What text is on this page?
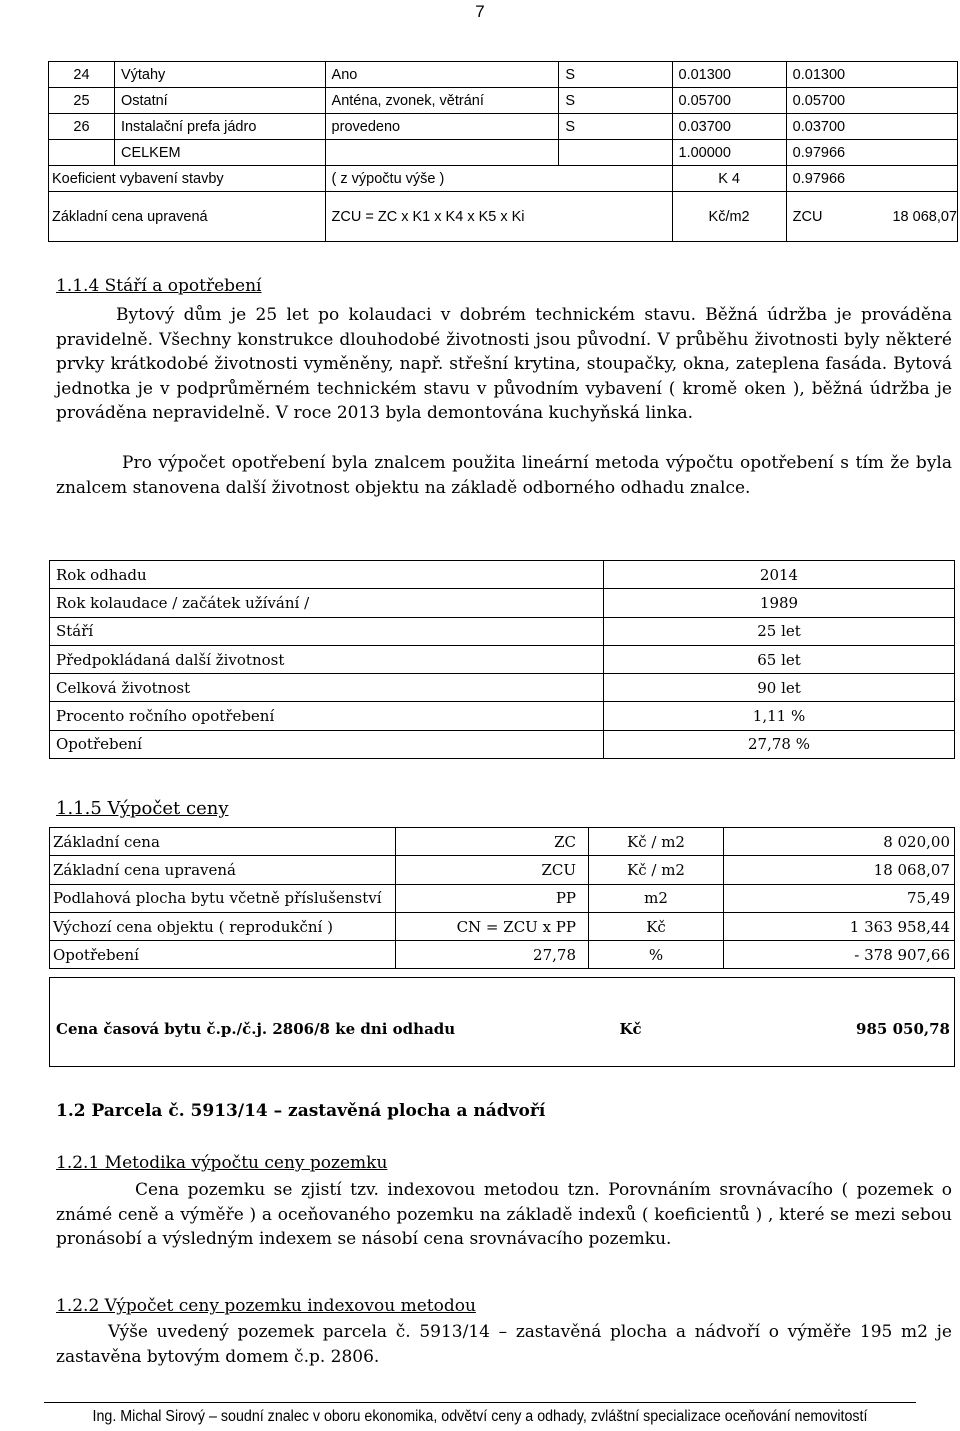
7
24	Výtahy	Ano	S	0.01300	0.01300
25	Ostatní	Anténa, zvonek, větrání	S	0.05700	0.05700
26	Instalační prefa jádro	provedeno	S	0.03700	0.03700
	CELKEM			1.00000	0.97966
Koeficient vybavení stavby		( z výpočtu výše )		K 4	0.97966
Základní cena upravená		ZCU = ZC x K1 x K4 x K5 x Ki		Kč/m2	ZCU 18 068,07
1.1.4 Stáří a opotřebení
Bytový dům je 25 let po kolaudaci v dobrém technickém stavu. Běžná údržba je prováděna pravidelně. Všechny konstrukce dlouhodobé životnosti jsou původní. V průběhu životnosti byly některé prvky krátkodobé životnosti vyměněny, např. střešní krytina, stoupačky, okna, zateplena fasáda. Bytová jednotka je v podprůměrném technickém stavu v původním vybavení ( kromě oken ), běžná údržba je prováděna nepravidelně. V roce 2013 byla demontována kuchyňská linka.
Pro výpočet opotřebení byla znalcem použita lineární metoda výpočtu opotřebení s tím že byla znalcem stanovena další životnost objektu na základě odborného odhadu znalce.
Rok odhadu	2014
Rok kolaudace / začátek užívání /	1989
Stáří	25 let
Předpokládaná další životnost	65 let
Celková životnost	90 let
Procento ročního opotřebení	1,11 %
Opotřebení	27,78 %
1.1.5 Výpočet ceny
Základní cena	ZC	Kč / m2	8 020,00
Základní cena upravená	ZCU	Kč / m2	18 068,07
Podlahová plocha bytu včetně příslušenství	PP	m2	75,49
Výchozí cena objektu ( reprodukční )	CN = ZCU x PP	Kč	1 363 958,44
Opotřebení	27,78	%	- 378 907,66
Cena časová bytu č.p./č.j. 2806/8 ke dni odhadu	Kč	985 050,78
1.2 Parcela č. 5913/14 – zastavěná plocha a nádvoří
1.2.1 Metodika výpočtu ceny pozemku
Cena pozemku se zjistí tzv. indexovou metodou tzn. Porovnáním srovnávacího ( pozemek o známé ceně a výměře ) a oceňovaného pozemku na základě indexů ( koeficientů ) , které se mezi sebou pronásobí a výsledným indexem se násobí cena srovnávacího pozemku.
1.2.2 Výpočet ceny pozemku indexovou metodou
Výše uvedený pozemek parcela č. 5913/14 – zastavěná plocha a nádvoří o výměře 195 m2 je zastavěna bytovým domem č.p. 2806.
Ing. Michal Sirový – soudní znalec v oboru ekonomika, odvětví ceny a odhady, zvláštní specializace oceňování nemovitostí
